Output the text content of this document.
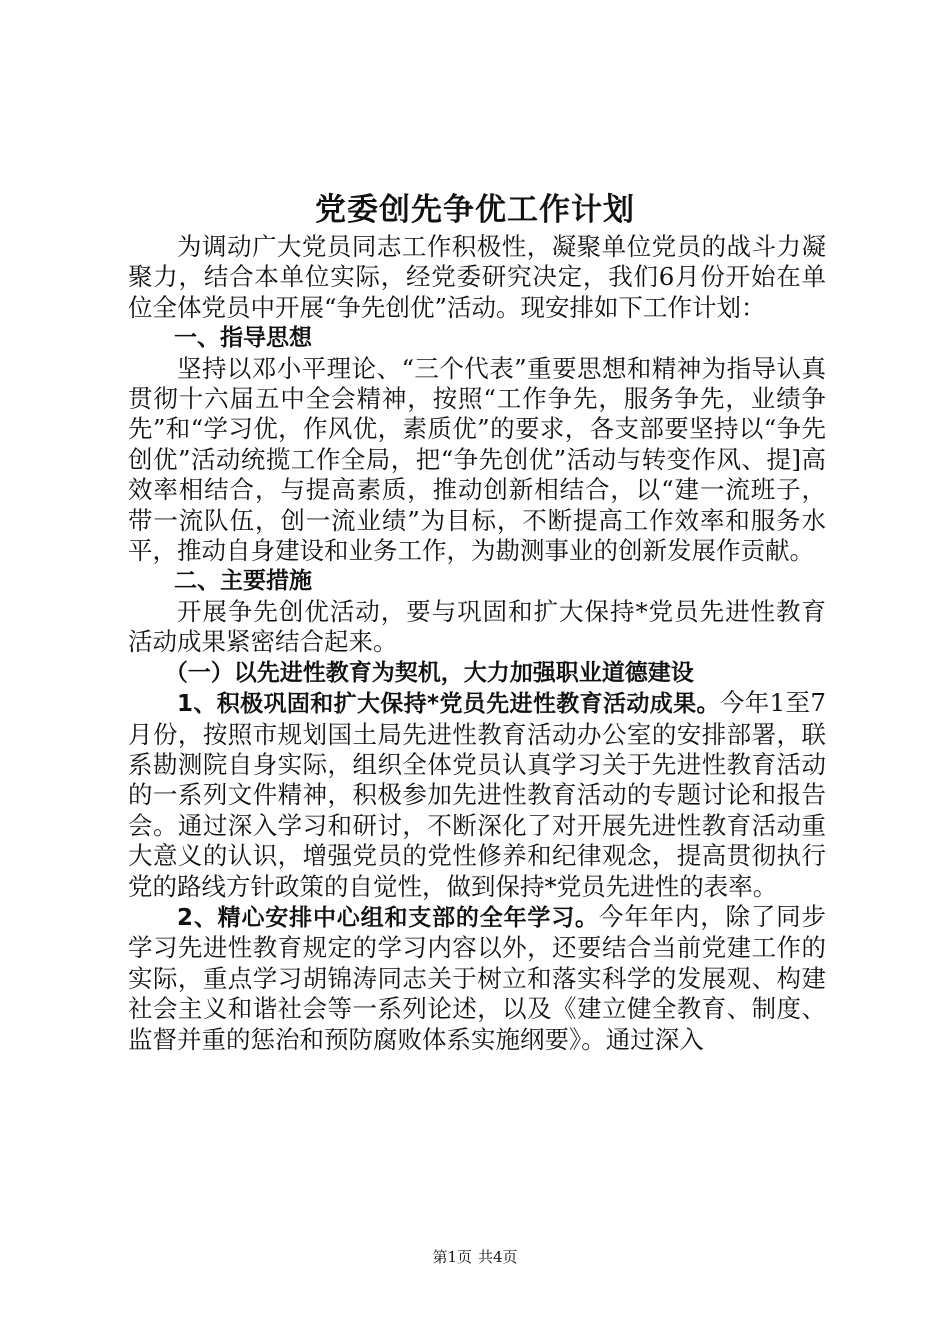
党委创先争优工作计划

为调动广大党员同志工作积极性，凝聚单位党员的战斗力凝聚力，结合本单位实际，经党委研究决定，我们6月份开始在单位全体党员中开展“争先创优”活动。现安排如下工作计划：

一、指导思想

坚持以邓小平理论、“三个代表”重要思想和精神为指导认真贯彻十六届五中全会精神，按照“工作争先，服务争先，业绩争先”和“学习优，作风优，素质优”的要求，各支部要坚持以“争先创优”活动统揽工作全局，把“争先创优”活动与转变作风、提]高效率相结合，与提高素质，推动创新相结合，以“建一流班子，带一流队伍，创一流业绩”为目标，不断提高工作效率和服务水平，推动自身建设和业务工作，为勘测事业的创新发展作贡献。

二、主要措施

开展争先创优活动，要与巩固和扩大保持*党员先进性教育活动成果紧密结合起来。

（一）以先进性教育为契机，大力加强职业道德建设

1、积极巩固和扩大保持*党员先进性教育活动成果。今年1至7月份，按照市规划国土局先进性教育活动办公室的安排部署，联系勘测院自身实际，组织全体党员认真学习关于先进性教育活动的一系列文件精神，积极参加先进性教育活动的专题讨论和报告会。通过深入学习和研讨，不断深化了对开展先进性教育活动重大意义的认识，增强党员的党性修养和纪律观念，提高贯彻执行党的路线方针政策的自觉性，做到保持*党员先进性的表率。

2、精心安排中心组和支部的全年学习。今年年内，除了同步学习先进性教育规定的学习内容以外，还要结合当前党建工作的实际，重点学习胡锦涛同志关于树立和落实科学的发展观、构建社会主义和谐社会等一系列论述，以及《建立健全教育、制度、监督并重的惩治和预防腐败体系实施纲要》。通过深入

第1页 共4页
